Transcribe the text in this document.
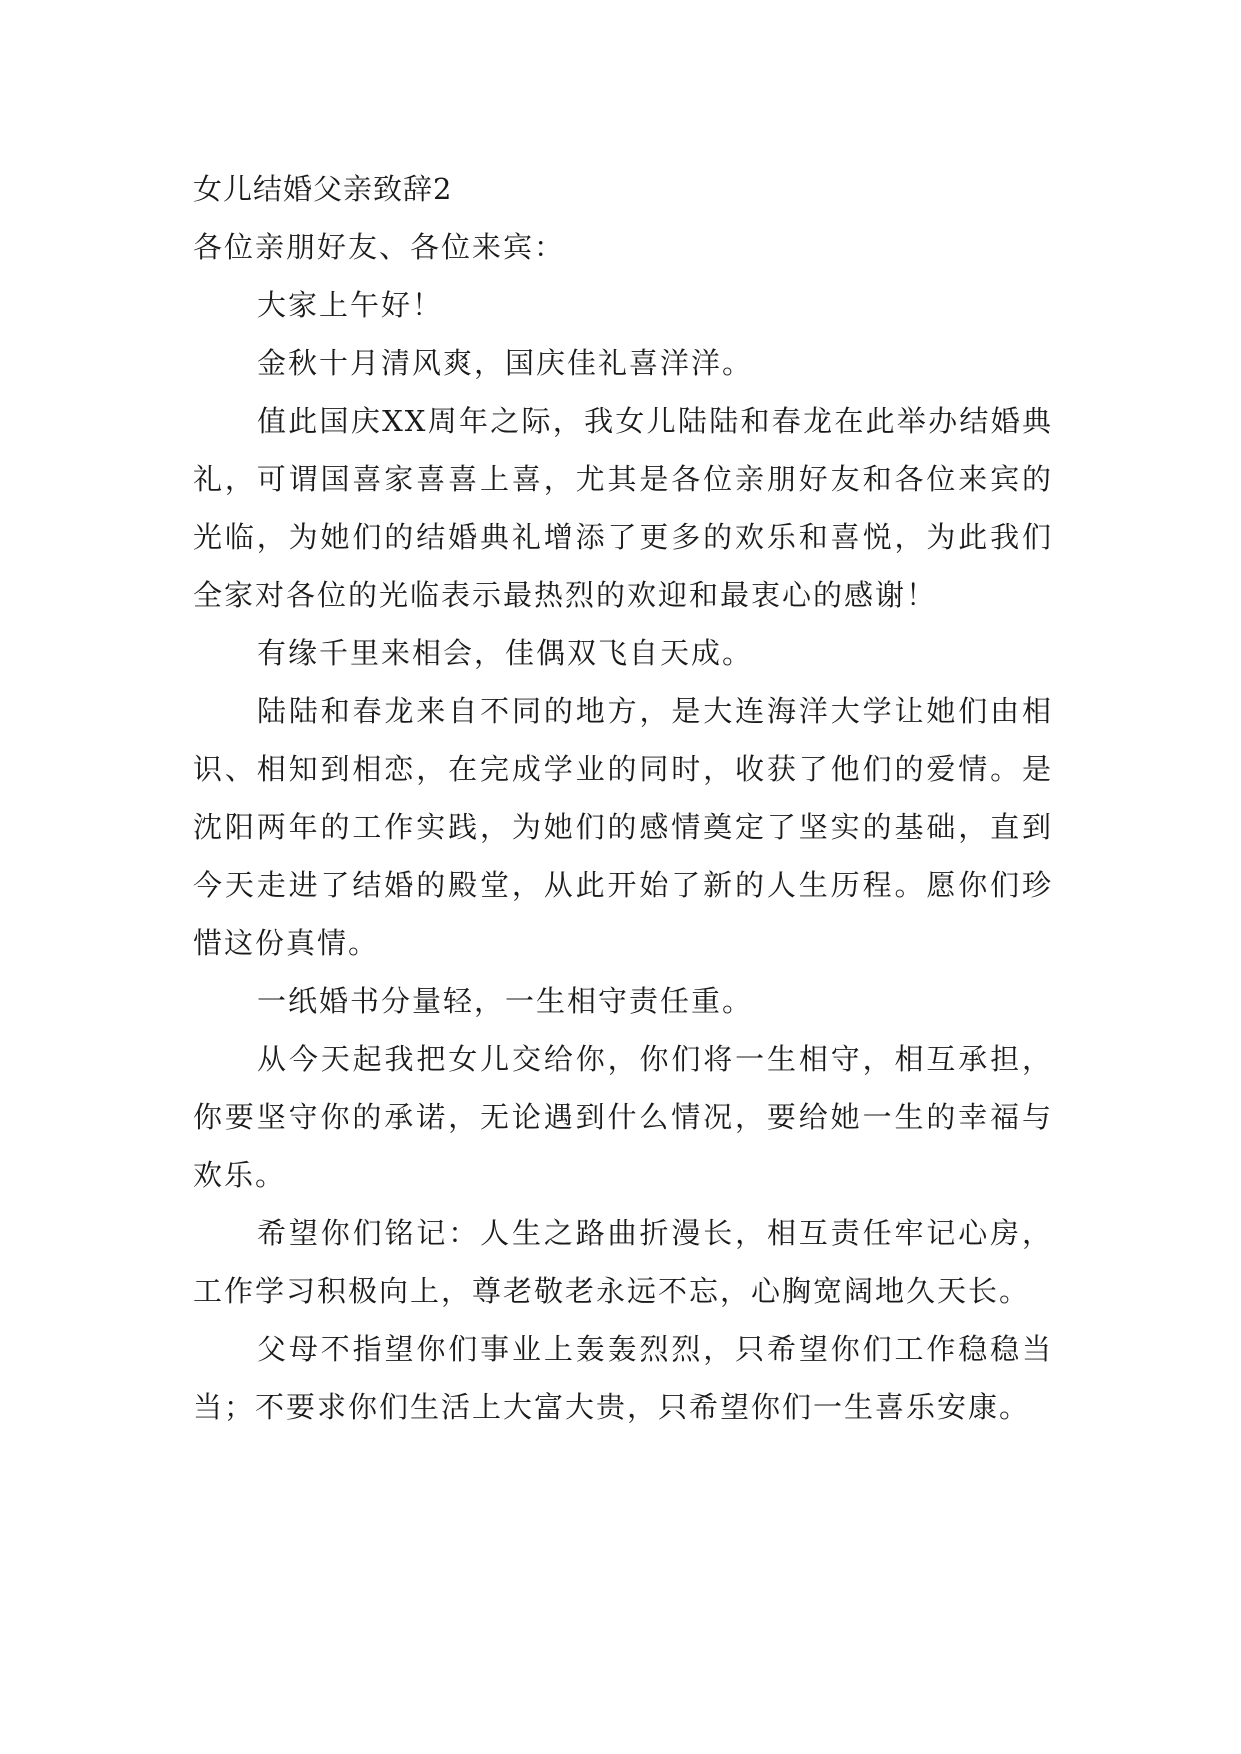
女儿结婚父亲致辞2

各位亲朋好友、各位来宾：

大家上午好！

金秋十月清风爽，国庆佳礼喜洋洋。

值此国庆XX周年之际，我女儿陆陆和春龙在此举办结婚典礼，可谓国喜家喜喜上喜，尤其是各位亲朋好友和各位来宾的光临，为她们的结婚典礼增添了更多的欢乐和喜悦，为此我们全家对各位的光临表示最热烈的欢迎和最衷心的感谢！

有缘千里来相会，佳偶双飞自天成。

陆陆和春龙来自不同的地方，是大连海洋大学让她们由相识、相知到相恋，在完成学业的同时，收获了他们的爱情。是沈阳两年的工作实践，为她们的感情奠定了坚实的基础，直到今天走进了结婚的殿堂，从此开始了新的人生历程。愿你们珍惜这份真情。

一纸婚书分量轻，一生相守责任重。

从今天起我把女儿交给你，你们将一生相守，相互承担，你要坚守你的承诺，无论遇到什么情况，要给她一生的幸福与欢乐。

希望你们铭记：人生之路曲折漫长，相互责任牢记心房，工作学习积极向上，尊老敬老永远不忘，心胸宽阔地久天长。

父母不指望你们事业上轰轰烈烈，只希望你们工作稳稳当当；不要求你们生活上大富大贵，只希望你们一生喜乐安康。
